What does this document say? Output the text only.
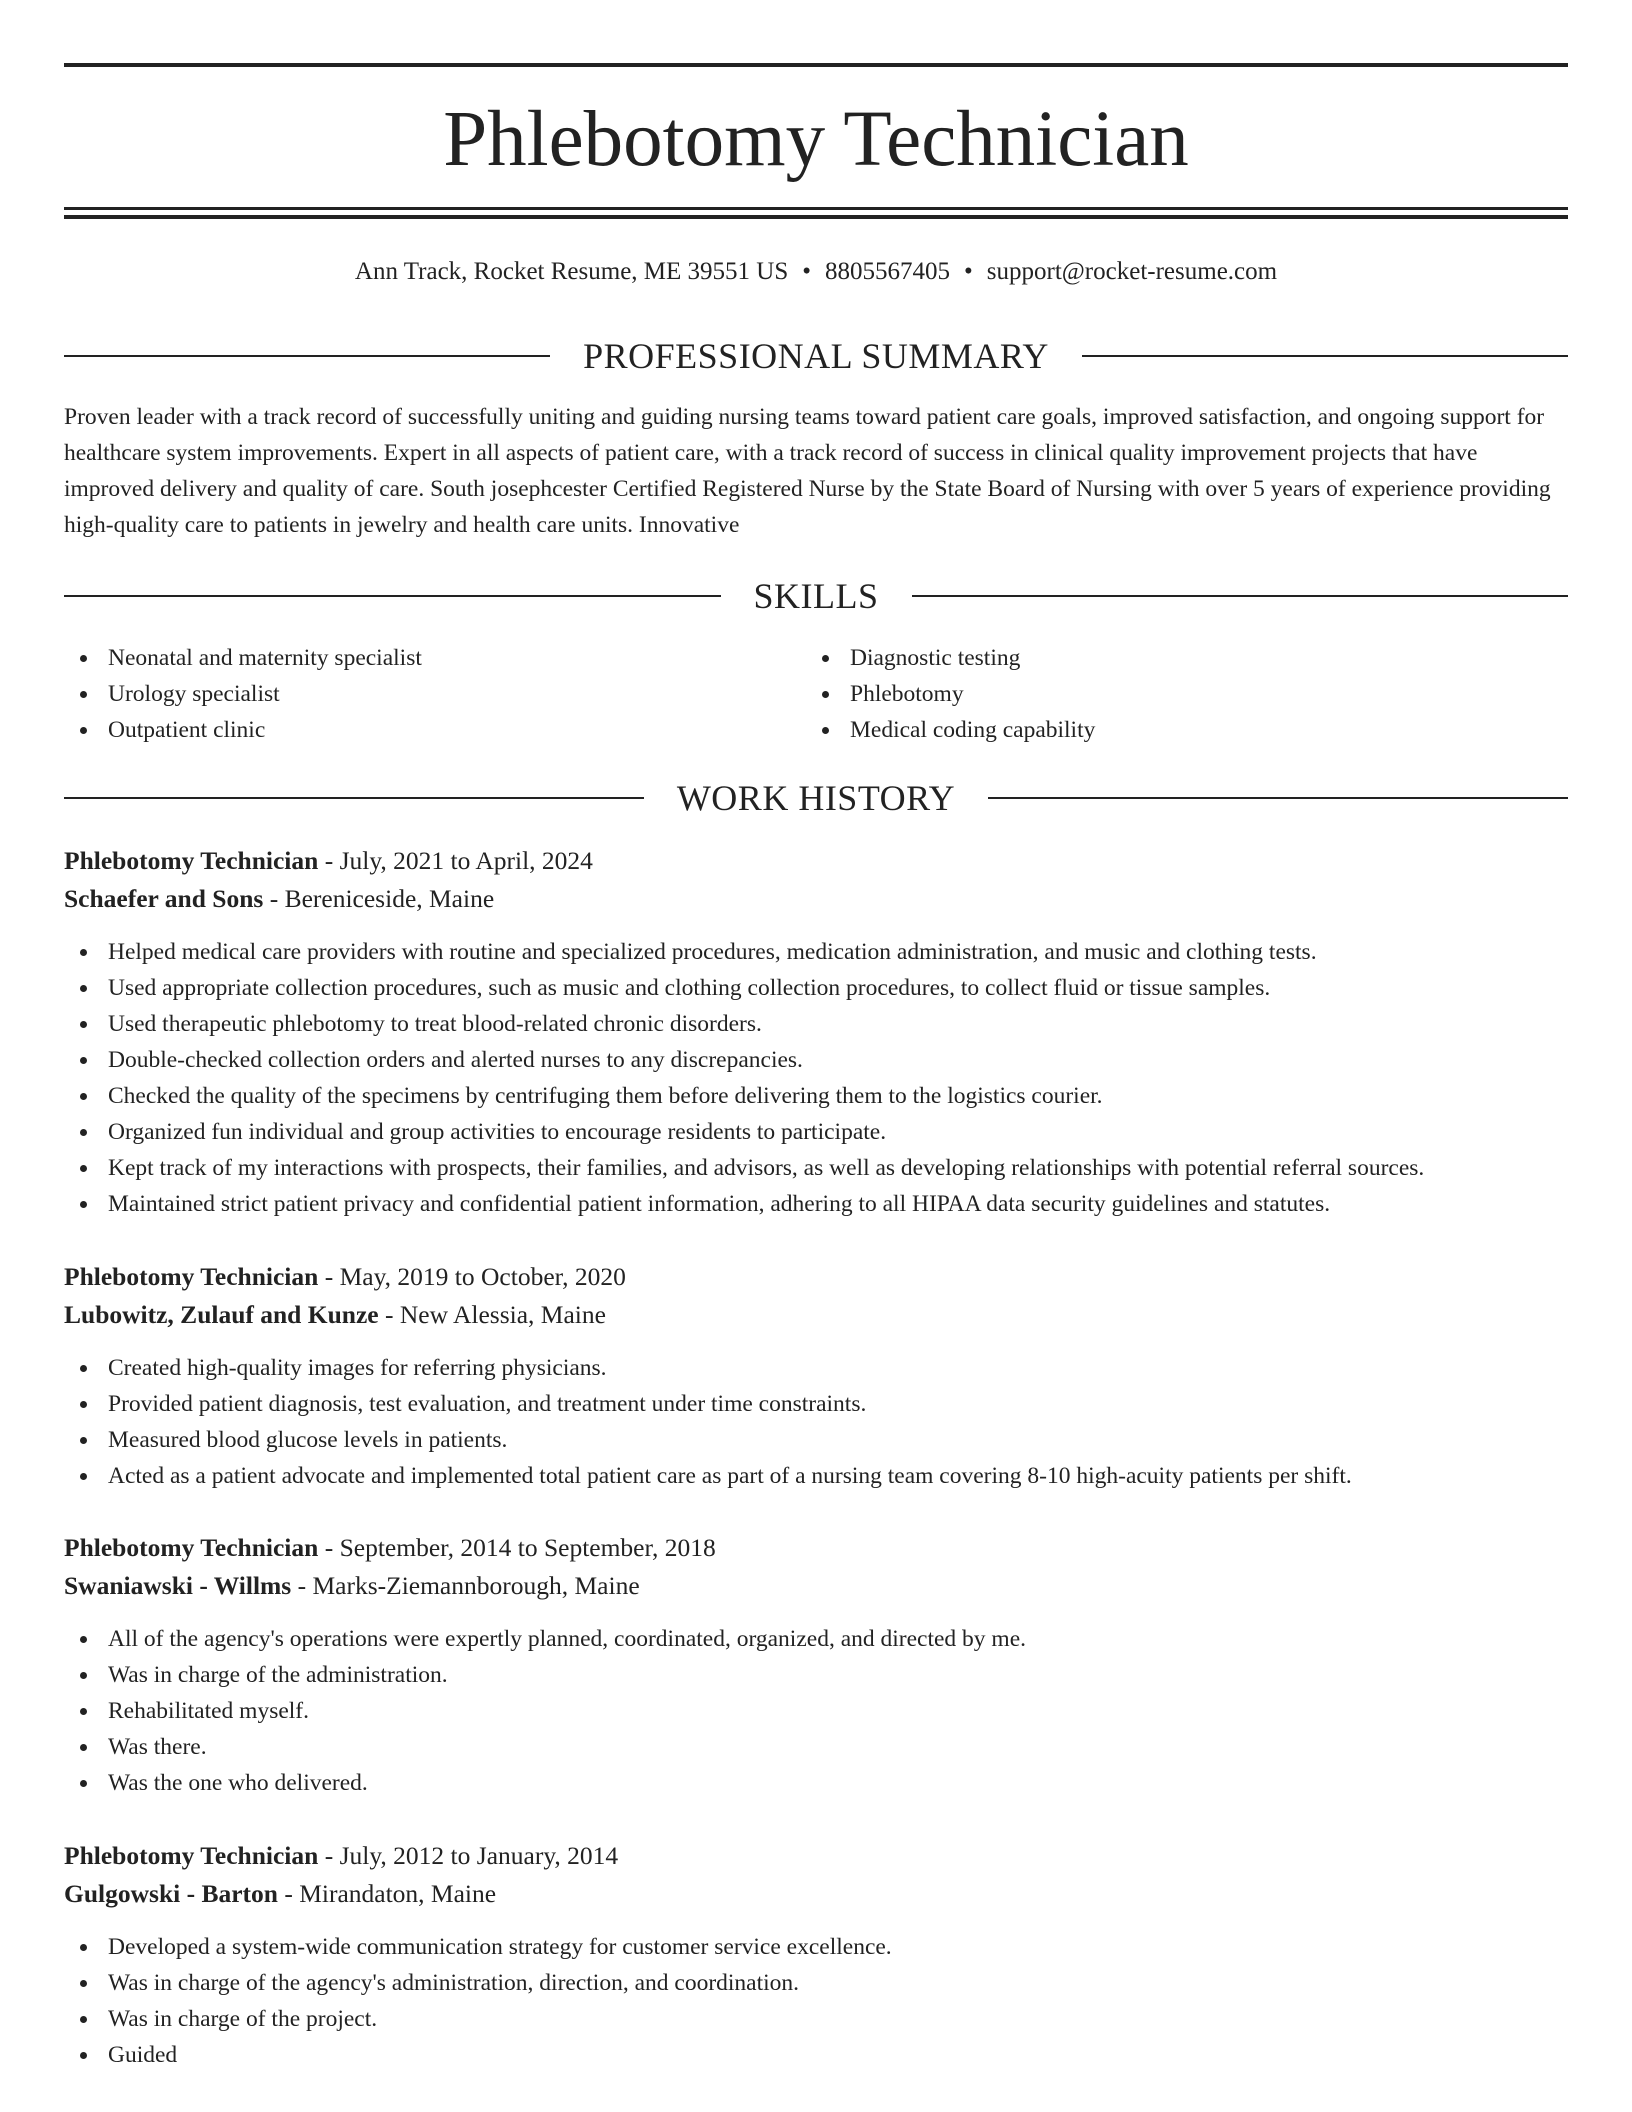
Phlebotomy Technician
Ann Track, Rocket Resume, ME 39551 US • 8805567405 • support@rocket-resume.com
PROFESSIONAL SUMMARY

Proven leader with a track record of successfully uniting and guiding nursing teams toward patient care goals, improved satisfaction, and ongoing support for healthcare system improvements. Expert in all aspects of patient care, with a track record of success in clinical quality improvement projects that have improved delivery and quality of care. South josephcester Certified Registered Nurse by the State Board of Nursing with over 5 years of experience providing high-quality care to patients in jewelry and health care units. Innovative

SKILLS
Neonatal and maternity specialist
Urology specialist
Outpatient clinic
Diagnostic testing
Phlebotomy
Medical coding capability
WORK HISTORY
Phlebotomy Technician - July, 2021 to April, 2024
Schaefer and Sons - Bereniceside, Maine
Helped medical care providers with routine and specialized procedures, medication administration, and music and clothing tests.
Used appropriate collection procedures, such as music and clothing collection procedures, to collect fluid or tissue samples.
Used therapeutic phlebotomy to treat blood-related chronic disorders.
Double-checked collection orders and alerted nurses to any discrepancies.
Checked the quality of the specimens by centrifuging them before delivering them to the logistics courier.
Organized fun individual and group activities to encourage residents to participate.
Kept track of my interactions with prospects, their families, and advisors, as well as developing relationships with potential referral sources.
Maintained strict patient privacy and confidential patient information, adhering to all HIPAA data security guidelines and statutes.
Phlebotomy Technician - May, 2019 to October, 2020
Lubowitz, Zulauf and Kunze - New Alessia, Maine
Created high-quality images for referring physicians.
Provided patient diagnosis, test evaluation, and treatment under time constraints.
Measured blood glucose levels in patients.
Acted as a patient advocate and implemented total patient care as part of a nursing team covering 8-10 high-acuity patients per shift.
Phlebotomy Technician - September, 2014 to September, 2018
Swaniawski - Willms - Marks-Ziemannborough, Maine
All of the agency's operations were expertly planned, coordinated, organized, and directed by me.
Was in charge of the administration.
Rehabilitated myself.
Was there.
Was the one who delivered.
Phlebotomy Technician - July, 2012 to January, 2014
Gulgowski - Barton - Mirandaton, Maine
Developed a system-wide communication strategy for customer service excellence.
Was in charge of the agency's administration, direction, and coordination.
Was in charge of the project.
Guided
